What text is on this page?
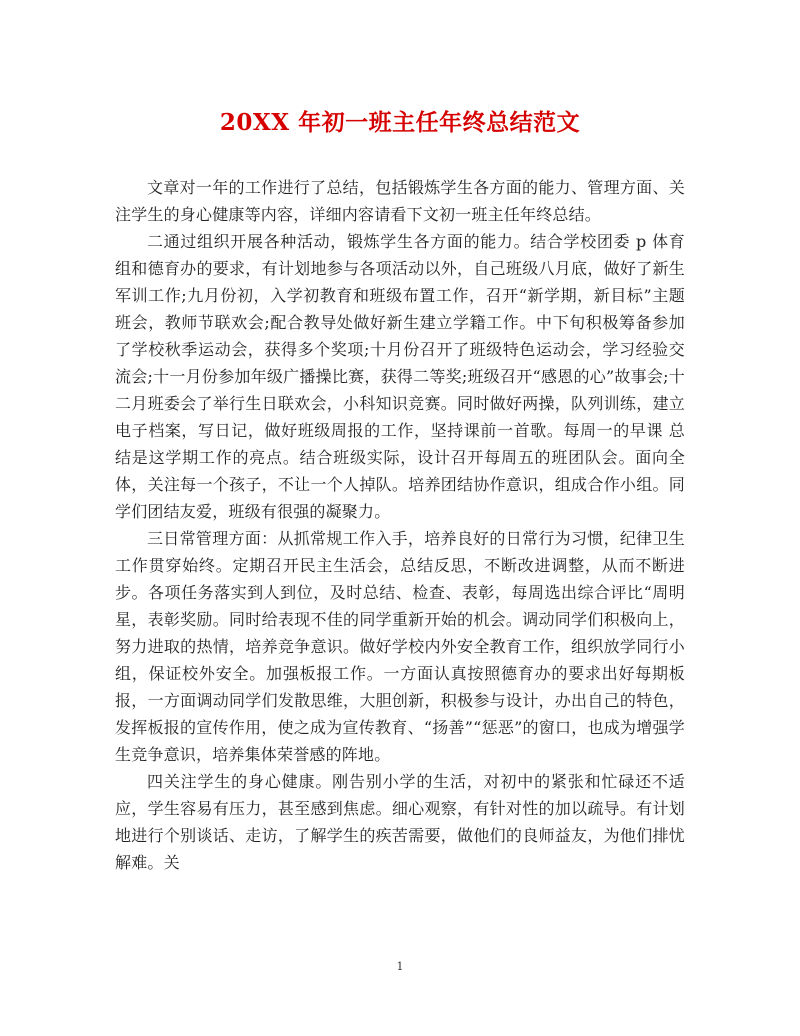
20XX 年初一班主任年终总结范文

文章对一年的工作进行了总结，包括锻炼学生各方面的能力、管理方面、关注学生的身心健康等内容，详细内容请看下文初一班主任年终总结。

二通过组织开展各种活动，锻炼学生各方面的能力。结合学校团委 p 体育组和德育办的要求，有计划地参与各项活动以外，自己班级八月底，做好了新生军训工作;九月份初，入学初教育和班级布置工作，召开“新学期，新目标”主题班会，教师节联欢会;配合教导处做好新生建立学籍工作。中下旬积极筹备参加了学校秋季运动会，获得多个奖项;十月份召开了班级特色运动会，学习经验交流会;十一月份参加年级广播操比赛，获得二等奖;班级召开“感恩的心”故事会;十二月班委会了举行生日联欢会，小科知识竞赛。同时做好两操，队列训练，建立电子档案，写日记，做好班级周报的工作，坚持课前一首歌。每周一的早课 总结是这学期工作的亮点。结合班级实际，设计召开每周五的班团队会。面向全体，关注每一个孩子，不让一个人掉队。培养团结协作意识，组成合作小组。同学们团结友爱，班级有很强的凝聚力。

三日常管理方面：从抓常规工作入手，培养良好的日常行为习惯，纪律卫生工作贯穿始终。定期召开民主生活会，总结反思，不断改进调整，从而不断进步。各项任务落实到人到位，及时总结、检查、表彰，每周选出综合评比“周明星，表彰奖励。同时给表现不佳的同学重新开始的机会。调动同学们积极向上，努力进取的热情，培养竞争意识。做好学校内外安全教育工作，组织放学同行小组，保证校外安全。加强板报工作。一方面认真按照德育办的要求出好每期板报，一方面调动同学们发散思维，大胆创新，积极参与设计，办出自己的特色，发挥板报的宣传作用，使之成为宣传教育、“扬善”“惩恶”的窗口，也成为增强学生竞争意识，培养集体荣誉感的阵地。

四关注学生的身心健康。刚告别小学的生活，对初中的紧张和忙碌还不适应，学生容易有压力，甚至感到焦虑。细心观察，有针对性的加以疏导。有计划地进行个别谈话、走访，了解学生的疾苦需要，做他们的良师益友，为他们排忧解难。关

1
